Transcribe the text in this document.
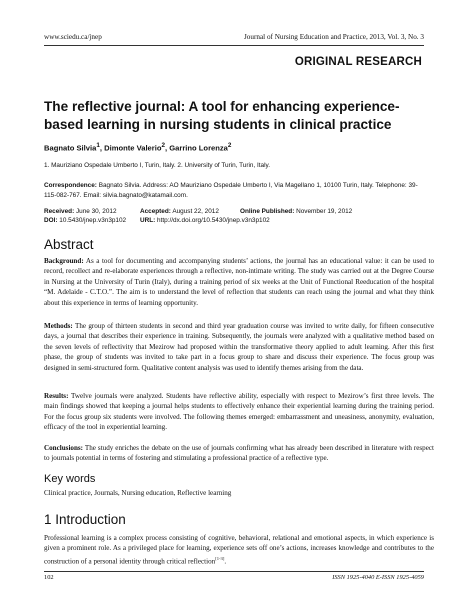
www.sciedu.ca/jnep	Journal of Nursing Education and Practice, 2013, Vol. 3, No. 3
ORIGINAL RESEARCH
The reflective journal: A tool for enhancing experience-based learning in nursing students in clinical practice
Bagnato Silvia$^1$, Dimonte Valerio$^2$, Garrino Lorenza$^2$
1. Mauriziano Ospedale Umberto I, Turin, Italy. 2. University of Turin, Turin, Italy.
Correspondence: Bagnato Silvia. Address: AO Mauriziano Ospedale Umberto I, Via Magellano 1, 10100 Turin, Italy. Telephone: 39-115-082-767. Email: silvia.bagnato@katamail.com.
Received: June 30, 2012	Accepted: August 22, 2012	Online Published: November 19, 2012
DOI: 10.5430/jnep.v3n3p102	URL: http://dx.doi.org/10.5430/jnep.v3n3p102
Abstract
Background: As a tool for documenting and accompanying students’ actions, the journal has an educational value: it can be used to record, recollect and re-elaborate experiences through a reflective, non-intimate writing. The study was carried out at the Degree Course in Nursing at the University of Turin (Italy), during a training period of six weeks at the Unit of Functional Reeducation of the hospital “M. Adelaide - C.T.O.”. The aim is to understand the level of reflection that students can reach using the journal and what they think about this experience in terms of learning opportunity.
Methods: The group of thirteen students in second and third year graduation course was invited to write daily, for fifteen consecutive days, a journal that describes their experience in training. Subsequently, the journals were analyzed with a qualitative method based on the seven levels of reflectivity that Mezirow had proposed within the transformative theory applied to adult learning. After this first phase, the group of students was invited to take part in a focus group to share and discuss their experience. The focus group was designed in semi-structured form. Qualitative content analysis was used to identify themes arising from the data.
Results: Twelve journals were analyzed. Students have reflective ability, especially with respect to Mezirow’s first three levels. The main findings showed that keeping a journal helps students to effectively enhance their experiential learning during the training period. For the focus group six students were involved. The following themes emerged: embarrassment and uneasiness, anonymity, evaluation, efficacy of the tool in experiential learning.
Conclusions: The study enriches the debate on the use of journals confirming what has already been described in literature with respect to journals potential in terms of fostering and stimulating a professional practice of a reflective type.
Key words
Clinical practice, Journals, Nursing education, Reflective learning
1 Introduction
Professional learning is a complex process consisting of cognitive, behavioral, relational and emotional aspects, in which experience is given a prominent role. As a privileged place for learning, experience sets off one’s actions, increases knowledge and contributes to the construction of a personal identity through critical reflection[1-3].
102	ISSN 1925-4040 E-ISSN 1925-4059
